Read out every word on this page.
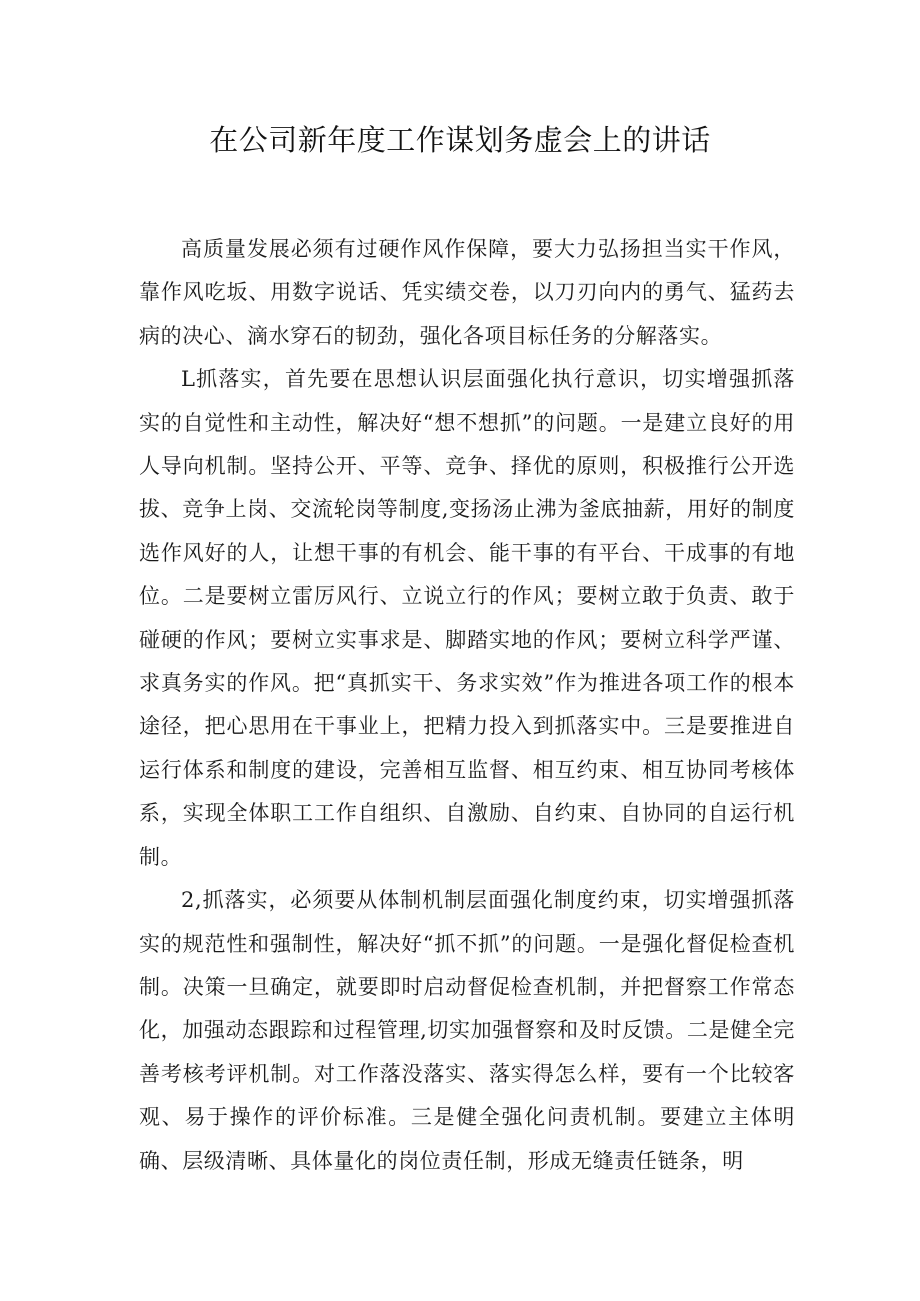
在公司新年度工作谋划务虚会上的讲话

高质量发展必须有过硬作风作保障，要大力弘扬担当实干作风，靠作风吃坂、用数字说话、凭实绩交卷，以刀刃向内的勇气、猛药去病的决心、滴水穿石的韧劲，强化各项目标任务的分解落实。

L抓落实，首先要在思想认识层面强化执行意识，切实增强抓落实的自觉性和主动性，解决好“想不想抓”的问题。一是建立良好的用人导向机制。坚持公开、平等、竞争、择优的原则，积极推行公开选拔、竞争上岗、交流轮岗等制度,变扬汤止沸为釜底抽薪，用好的制度选作风好的人，让想干事的有机会、能干事的有平台、干成事的有地位。二是要树立雷厉风行、立说立行的作风；要树立敢于负责、敢于碰硬的作风；要树立实事求是、脚踏实地的作风；要树立科学严谨、求真务实的作风。把“真抓实干、务求实效”作为推进各项工作的根本途径，把心思用在干事业上，把精力投入到抓落实中。三是要推进自运行体系和制度的建设，完善相互监督、相互约束、相互协同考核体系，实现全体职工工作自组织、自激励、自约束、自协同的自运行机制。

2,抓落实，必须要从体制机制层面强化制度约束，切实增强抓落实的规范性和强制性，解决好“抓不抓”的问题。一是强化督促检查机制。决策一旦确定，就要即时启动督促检查机制，并把督察工作常态化，加强动态跟踪和过程管理,切实加强督察和及时反馈。二是健全完善考核考评机制。对工作落没落实、落实得怎么样，要有一个比较客观、易于操作的评价标准。三是健全强化问责机制。要建立主体明确、层级清晰、具体量化的岗位责任制，形成无缝责任链条，明
